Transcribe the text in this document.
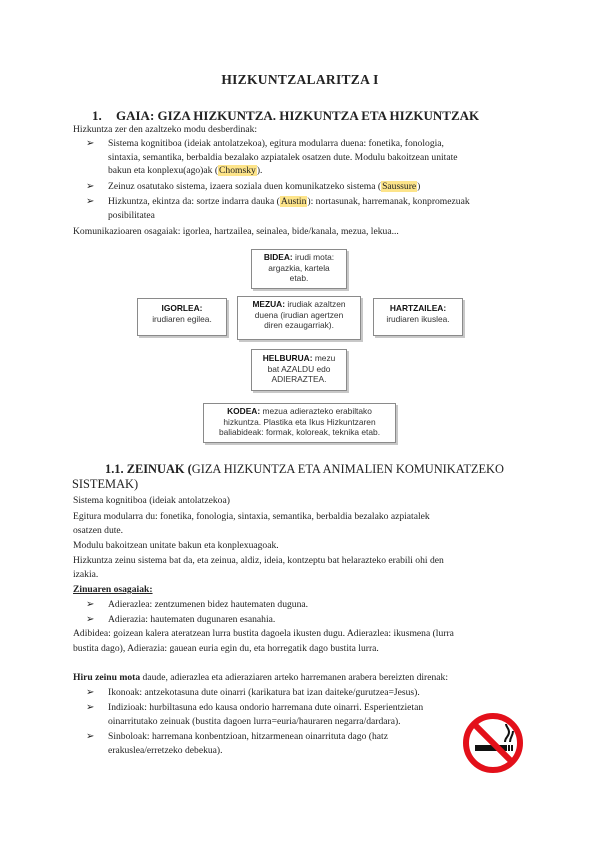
HIZKUNTZALARITZA I
1. GAIA: GIZA HIZKUNTZA. HIZKUNTZA ETA HIZKUNTZAK
Hizkuntza zer den azaltzeko modu desberdinak:
➢ Sistema kognitiboa (ideiak antolatzekoa), egitura modularra duena: fonetika, fonologia,
sintaxia, semantika, berbaldia bezalako azpiatalek osatzen dute. Modulu bakoitzean unitate
bakun eta konplexu(ago)ak (Chomsky).
➢ Zeinuz osatutako sistema, izaera soziala duen komunikatzeko sistema (Saussure)
➢ Hizkuntza, ekintza da: sortze indarra dauka (Austin): nortasunak, harremanak, konpromezuak
posibilitatea
Komunikazioaren osagaiak: igorlea, hartzailea, seinalea, bide/kanala, mezua, lekua...
BIDEA: irudi mota:
argazkia, kartela
etab.
IGORLEA:
irudiaren egilea.
MEZUA: irudiak azaltzen
duena (irudian agertzen
diren ezaugarriak).
HARTZAILEA:
irudiaren ikuslea.
HELBURUA: mezu
bat AZALDU edo
ADIERAZTEA.
KODEA: mezua adierazteko erabiltako
hizkuntza. Plastika eta Ikus Hizkuntzaren
baliabideak: formak, koloreak, teknika etab.
1.1. ZEINUAK (GIZA HIZKUNTZA ETA ANIMALIEN KOMUNIKATZEKO
SISTEMAK)
Sistema kognitiboa (ideiak antolatzekoa)
Egitura modularra du: fonetika, fonologia, sintaxia, semantika, berbaldia bezalako azpiatalek
osatzen dute.
Modulu bakoitzean unitate bakun eta konplexuagoak.
Hizkuntza zeinu sistema bat da, eta zeinua, aldiz, ideia, kontzeptu bat helarazteko erabili ohi den
izakia.
Zinuaren osagaiak:
➢ Adierazlea: zentzumenen bidez hautematen duguna.
➢ Adierazia: hautematen dugunaren esanahia.
Adibidea: goizean kalera ateratzean lurra bustita dagoela ikusten dugu. Adierazlea: ikusmena (lurra
bustita dago), Adierazia: gauean euria egin du, eta horregatik dago bustita lurra.
Hiru zeinu mota daude, adierazlea eta adieraziaren arteko harremanen arabera bereizten direnak:
➢ Ikonoak: antzekotasuna dute oinarri (karikatura bat izan daiteke/gurutzea=Jesus).
➢ Indizioak: hurbiltasuna edo kausa ondorio harremana dute oinarri. Esperientzietan
oinarritutako zeinuak (bustita dagoen lurra=euria/hauraren negarra/dardara).
➢ Sinboloak: harremana konbentzioan, hitzarmenean oinarrituta dago (hatz
erakuslea/erretzeko debekua).
